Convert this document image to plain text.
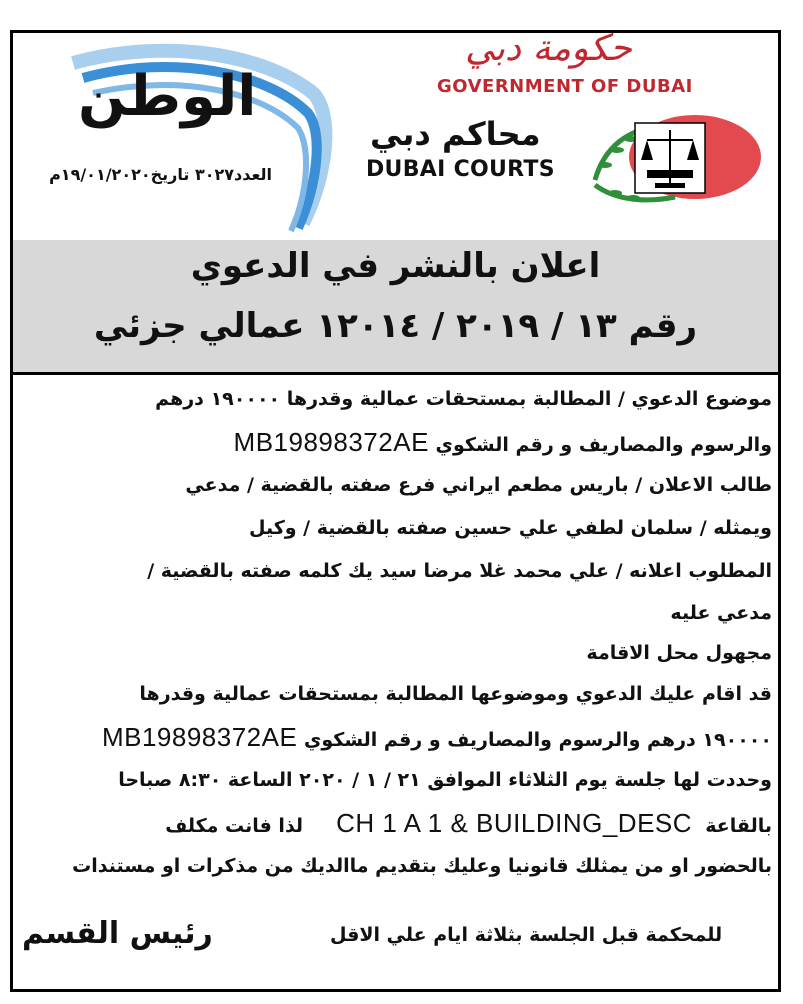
الوطن
العدد٣٠٢٧ تاريخ١٩/٠١/٢٠٢٠م
حكومة دبي
GOVERNMENT OF DUBAI
محاكم دبي
DUBAI COURTS
اعلان بالنشر في الدعوي
رقم ١٣ / ٢٠١٩ / ١٢٠١٤ عمالي جزئي
موضوع الدعوي / المطالبة بمستحقات عمالية وقدرها ١٩٠٠٠٠ درهم
والرسوم والمصاريف و رقم الشكوي MB19898372AE
طالب الاعلان / باريس مطعم ايراني فرع صفته بالقضية / مدعي
ويمثله / سلمان لطفي علي حسين صفته بالقضية / وكيل
المطلوب اعلانه / علي محمد غلا مرضا سيد يك كلمه صفته بالقضية /
مدعي عليه
مجهول محل الاقامة
قد اقام عليك الدعوي وموضوعها المطالبة بمستحقات عمالية وقدرها
١٩٠٠٠٠ درهم والرسوم والمصاريف و رقم الشكوي MB19898372AE
وحددت لها جلسة يوم الثلاثاء الموافق ٢١ / ١ / ٢٠٢٠ الساعة ٨:٣٠ صباحا
بالقاعة  CH 1 A 1 & BUILDING_DESC     لذا فانت مكلف
بالحضور او من يمثلك قانونيا وعليك بتقديم ماالديك من مذكرات او مستندات
للمحكمة قبل الجلسة بثلاثة ايام علي الاقل
رئيس القسم
